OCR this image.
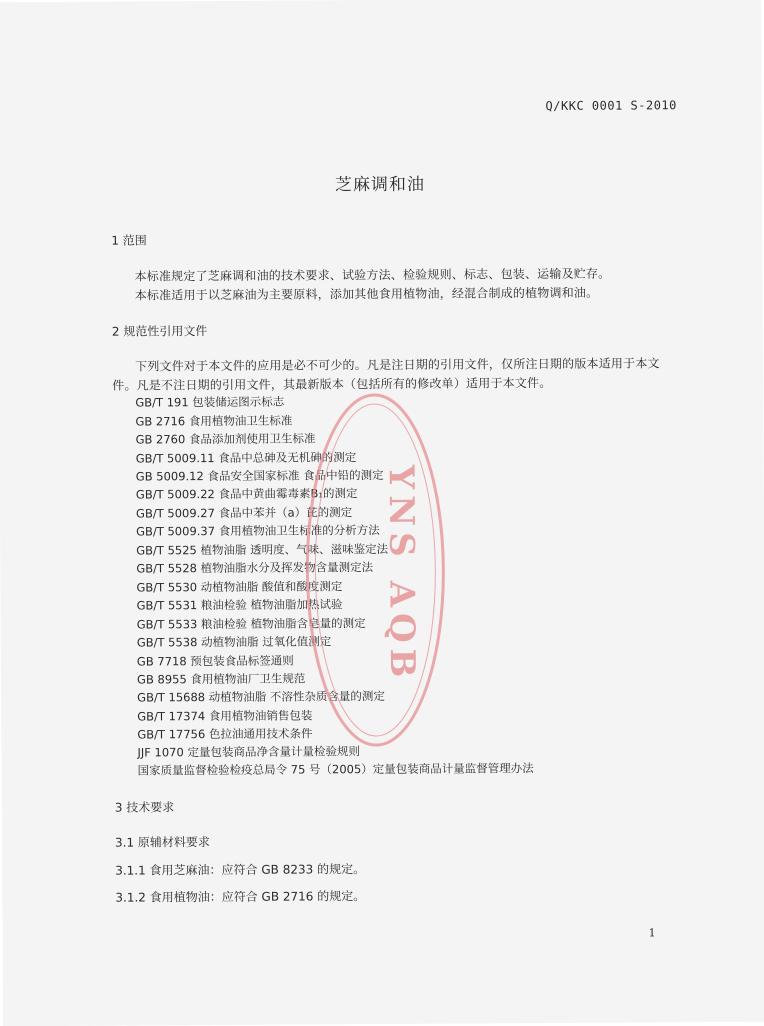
Q/KKC 0001 S-2010
芝麻调和油
1 范围
本标准规定了芝麻调和油的技术要求、试验方法、检验规则、标志、包装、运输及贮存。
本标准适用于以芝麻油为主要原料，添加其他食用植物油，经混合制成的植物调和油。
2 规范性引用文件
下列文件对于本文件的应用是必不可少的。凡是注日期的引用文件，仅所注日期的版本适用于本文
件。凡是不注日期的引用文件，其最新版本（包括所有的修改单）适用于本文件。
GB/T 191 包装储运图示标志
GB 2716 食用植物油卫生标准
GB 2760 食品添加剂使用卫生标准
GB/T 5009.11 食品中总砷及无机砷的测定
GB 5009.12 食品安全国家标准 食品中铅的测定
GB/T 5009.22 食品中黄曲霉毒素B₁的测定
GB/T 5009.27 食品中苯并（a）芘的测定
GB/T 5009.37 食用植物油卫生标准的分析方法
GB/T 5525 植物油脂 透明度、气味、滋味鉴定法
GB/T 5528 植物油脂水分及挥发物含量测定法
GB/T 5530 动植物油脂 酸值和酸度测定
GB/T 5531 粮油检验 植物油脂加热试验
GB/T 5533 粮油检验 植物油脂含皂量的测定
GB/T 5538 动植物油脂 过氧化值测定
GB 7718 预包装食品标签通则
GB 8955 食用植物油厂卫生规范
GB/T 15688 动植物油脂 不溶性杂质含量的测定
GB/T 17374 食用植物油销售包装
GB/T 17756 色拉油通用技术条件
JJF 1070 定量包装商品净含量计量检验规则
国家质量监督检验检疫总局令 75 号（2005）定量包装商品计量监督管理办法
3 技术要求
3.1 原辅材料要求
3.1.1 食用芝麻油：应符合 GB 8233 的规定。
3.1.2 食用植物油：应符合 GB 2716 的规定。
1
YNS AQB
